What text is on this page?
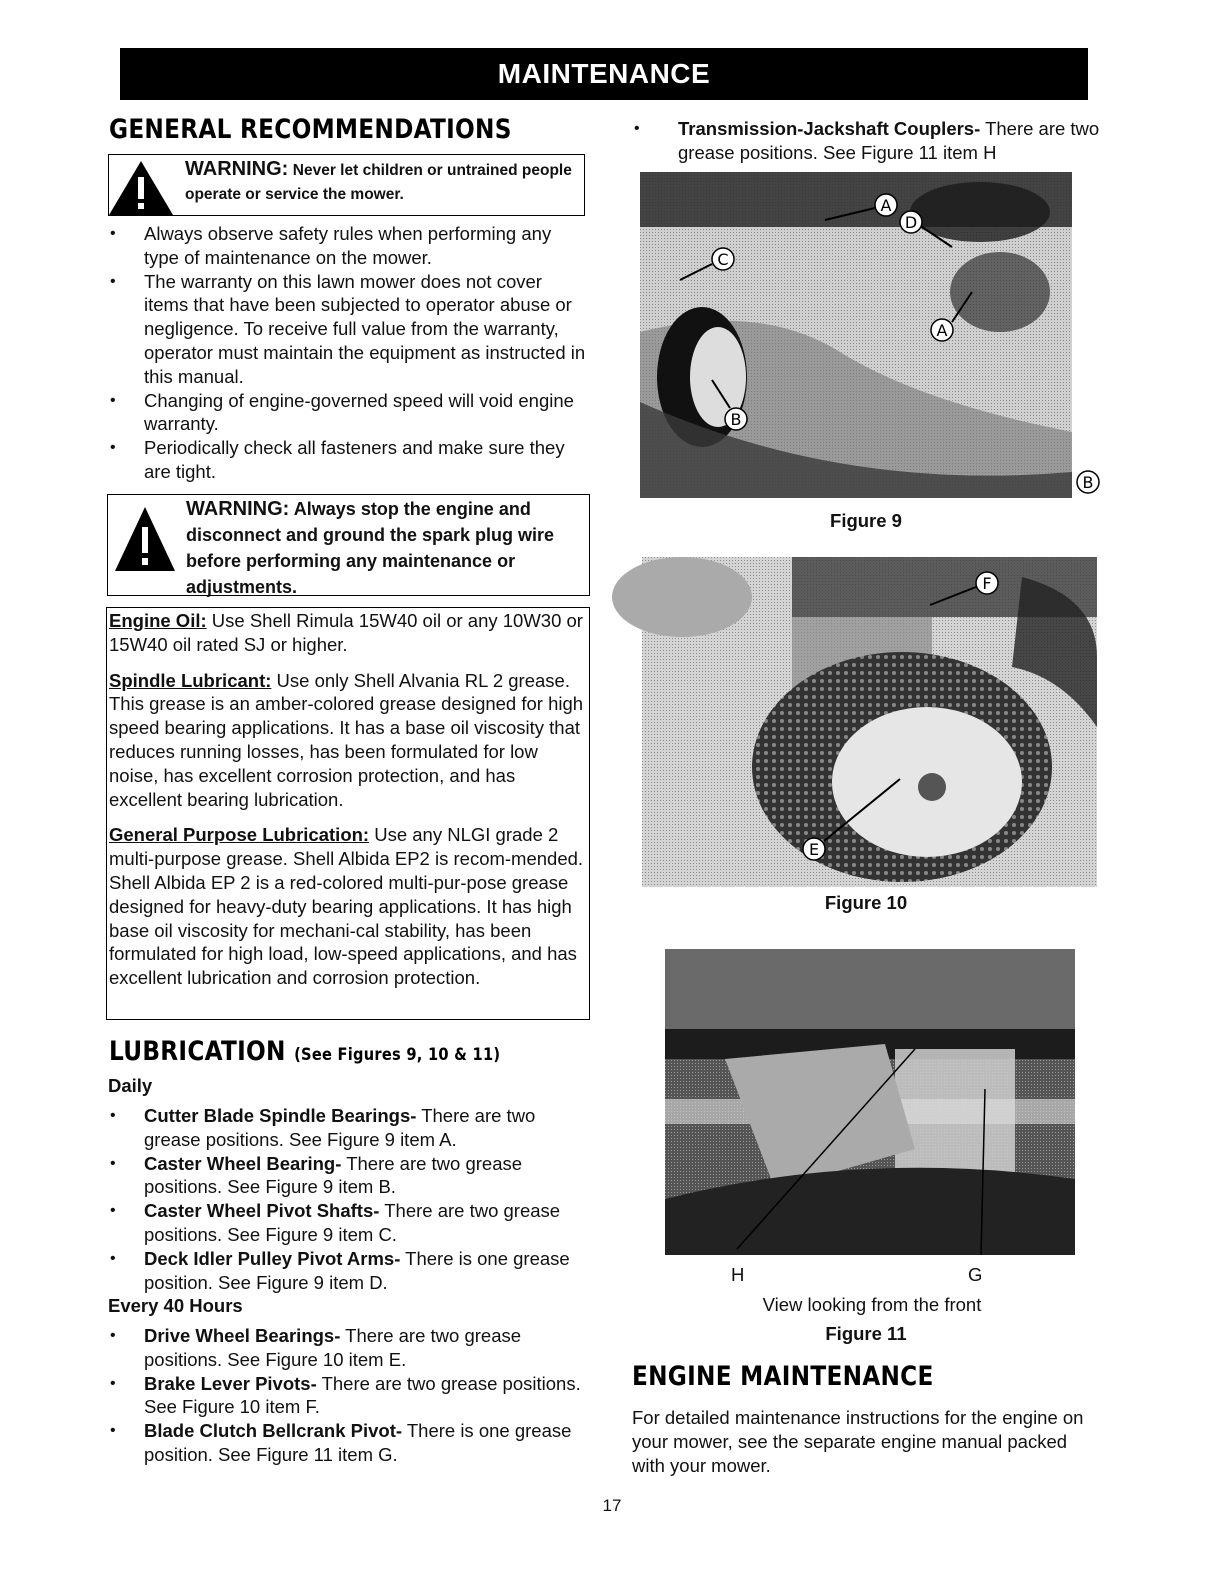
MAINTENANCE
GENERAL RECOMMENDATIONS
WARNING: Never let children or untrained people operate or service the mower.
• Always observe safety rules when performing any type of maintenance on the mower.
• The warranty on this lawn mower does not cover items that have been subjected to operator abuse or negligence. To receive full value from the warranty, operator must maintain the equipment as instructed in this manual.
• Changing of engine-governed speed will void engine warranty.
• Periodically check all fasteners and make sure they are tight.
WARNING: Always stop the engine and disconnect and ground the spark plug wire before performing any maintenance or adjustments.

Engine Oil: Use Shell Rimula 15W40 oil or any 10W30 or 15W40 oil rated SJ or higher.

Spindle Lubricant: Use only Shell Alvania RL 2 grease. This grease is an amber-colored grease designed for high speed bearing applications. It has a base oil viscosity that reduces running losses, has been formulated for low noise, has excellent corrosion protection, and has excellent bearing lubrication.

General Purpose Lubrication: Use any NLGI grade 2 multi-purpose grease. Shell Albida EP2 is recom-mended. Shell Albida EP 2 is a red-colored multi-pur-pose grease designed for heavy-duty bearing applications. It has high base oil viscosity for mechani-cal stability, has been formulated for high load, low-speed applications, and has excellent lubrication and corrosion protection.

LUBRICATION (See Figures 9, 10 & 11)
Daily
• Cutter Blade Spindle Bearings- There are two grease positions. See Figure 9 item A.
• Caster Wheel Bearing- There are two grease positions. See Figure 9 item B.
• Caster Wheel Pivot Shafts- There are two grease positions. See Figure 9 item C.
• Deck Idler Pulley Pivot Arms- There is one grease position. See Figure 9 item D.
Every 40 Hours
• Drive Wheel Bearings- There are two grease positions. See Figure 10 item E.
• Brake Lever Pivots- There are two grease positions. See Figure 10 item F.
• Blade Clutch Bellcrank Pivot- There is one grease position. See Figure 11 item G.
• Transmission-Jackshaft Couplers- There are two grease positions. See Figure 11 item H
A
D
C
A
B
B
Figure 9
F
E
Figure 10
H	G
View looking from the front
Figure 11
ENGINE MAINTENANCE
For detailed maintenance instructions for the engine on your mower, see the separate engine manual packed with your mower.
17
